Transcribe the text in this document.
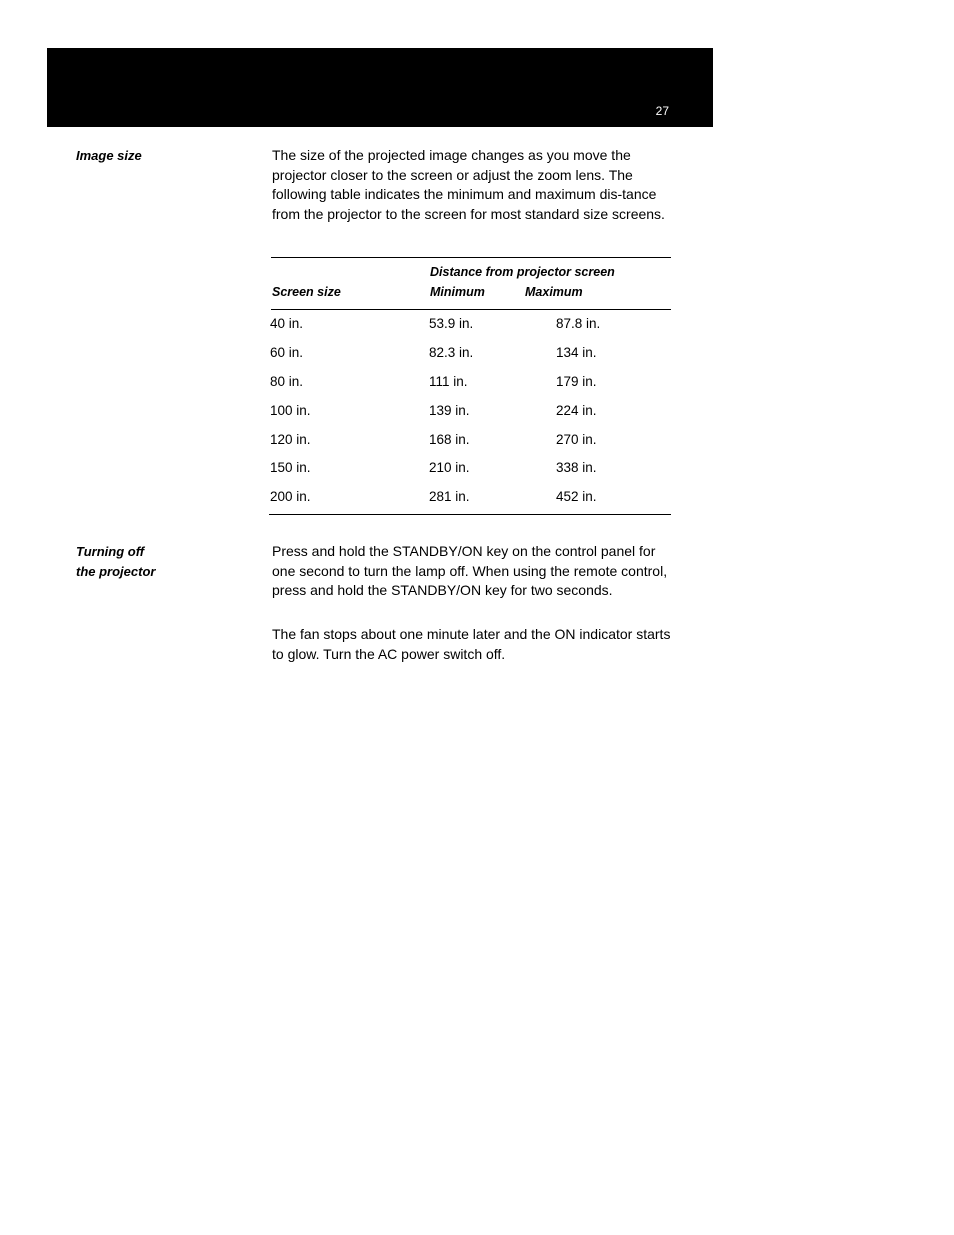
27
Image size	The size of the projected image changes as you move the projector closer to the screen or adjust the zoom lens. The following table indicates the minimum and maximum dis-tance from the projector to the screen for most standard size screens.

Distance from projector screen
Screen size	Minimum	Maximum
40 in.	53.9 in.	87.8 in.
60 in.	82.3 in.	134 in.
80 in.	111 in.	179 in.
100 in.	139 in.	224 in.
120 in.	168 in.	270 in.
150 in.	210 in.	338 in.
200 in.	281 in.	452 in.
Turning off
the projector

Press and hold the STANDBY/ON key on the control panel for one second to turn the lamp off. When using the remote control, press and hold the STANDBY/ON key for two seconds.

The fan stops about one minute later and the ON indicator starts to glow. Turn the AC power switch off.
